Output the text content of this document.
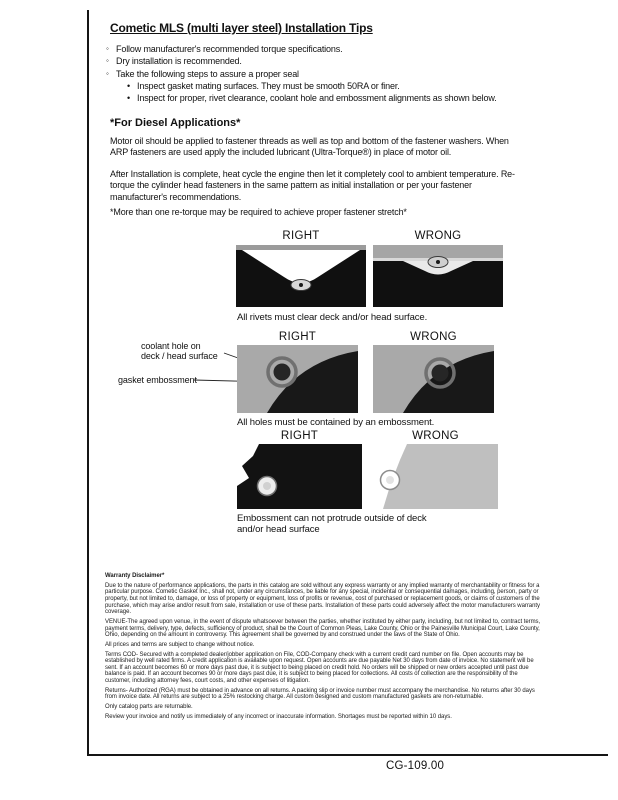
Cometic MLS (multi layer steel) Installation Tips
◦ Follow manufacturer's recommended torque specifications.
◦ Dry installation is recommended.
◦ Take the following steps to assure a proper seal
• Inspect gasket mating surfaces. They must be smooth 50RA or finer.
• Inspect for proper, rivet clearance, coolant hole and embossment alignments as shown below.
*For Diesel Applications*
Motor oil should be applied to fastener threads as well as top and bottom of the fastener washers. When ARP fasteners are used apply the included lubricant (Ultra-Torque®) in place of motor oil.
After Installation is complete, heat cycle the engine then let it completely cool to ambient temperature. Re-torque the cylinder head fasteners in the same pattern as initial installation or per your fastener manufacturer's recommendations.
*More than one re-torque may be required to achieve proper fastener stretch*
RIGHT	WRONG
All rivets must clear deck and/or head surface.
RIGHT	WRONG
coolant hole on
deck / head surface
gasket embossment
All holes must be contained by an embossment.
RIGHT	WRONG
Embossment can not protrude outside of deck
and/or head surface
Warranty Disclaimer*

Due to the nature of performance applications, the parts in this catalog are sold without any express warranty or any implied warranty of merchantability or fitness for a particular purpose. Cometic Gasket Inc., shall not, under any circumstances, be liable for any special, incidental or consequential damages, including, person, party or property, but not limited to, damage, or loss of property or equipment, loss of profits or revenue, cost of purchased or replacement goods, or claims of customers of the purchase, which may arise and/or result from sale, installation or use of these parts. Installation of these parts could adversely affect the motor manufacturers warranty coverage.

VENUE-The agreed upon venue, in the event of dispute whatsoever between the parties, whether instituted by either party, including, but not limited to, contract terms, payment terms, delivery, type, defects, sufficiency of product, shall be the Court of Common Pleas, Lake County, Ohio or the Painesville Municipal Court, Lake County, Ohio, depending on the amount in controversy. This agreement shall be governed by and construed under the laws of the State of Ohio.

All prices and terms are subject to change without notice.

Terms COD- Secured with a completed dealer/jobber application on File, COD-Company check with a current credit card number on file. Open accounts may be established by well rated firms. A credit application is available upon request. Open accounts are due payable Net 30 days from date of invoice. No statement will be sent. If an account becomes 60 or more days past due, it is subject to being placed on credit hold. No orders will be shipped or new orders accepted until past due balance is paid. If an account becomes 90 or more days past due, it is subject to being placed for collections. All costs of collection are the responsibility of the customer, including attorney fees, court costs, and other expenses of litigation.

Returns- Authorized (RGA) must be obtained in advance on all returns. A packing slip or invoice number must accompany the merchandise. No returns after 30 days from invoice date. All returns are subject to a 25% restocking charge. All custom designed and custom manufactured gaskets are non-returnable.

Only catalog parts are returnable.

Review your invoice and notify us immediately of any incorrect or inaccurate information. Shortages must be reported within 10 days.

CG-109.00
